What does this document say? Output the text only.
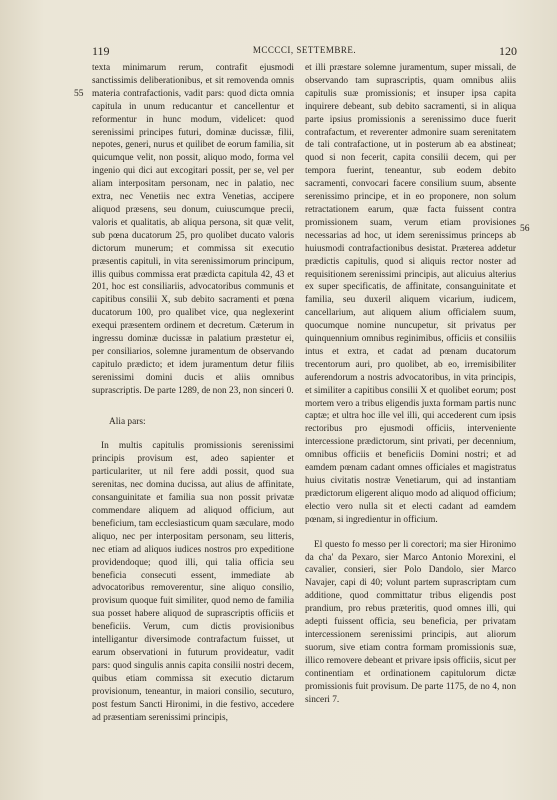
119	MCCCCI, SETTEMBRE.	120
55
56

texta minimarum rerum, contrafit ejusmodi sanctissimis deliberationibus, et sit removenda omnis materia contrafactionis, vadit pars: quod dicta omnia capitula in unum reducantur et cancellentur et reformentur in hunc modum, videlicet: quod serenissimi principes futuri, dominæ ducissæ, filii, nepotes, generi, nurus et quilibet de eorum familia, sit quicumque velit, non possit, aliquo modo, forma vel ingenio qui dici aut excogitari possit, per se, vel per aliam interpositam personam, nec in palatio, nec extra, nec Venetiis nec extra Venetias, accipere aliquod præsens, seu donum, cuiuscumque precii, valoris et qualitatis, ab aliqua persona, sit quæ velit, sub pœna ducatorum 25, pro quolibet ducato valoris dictorum munerum; et commissa sit executio præsentis capituli, in vita serenissimorum principum, illis quibus commissa erat prædicta capitula 42, 43 et 201, hoc est consiliariis, advocatoribus communis et capitibus consilii X, sub debito sacramenti et pœna ducatorum 100, pro qualibet vice, qua neglexerint exequi præsentem ordinem et decretum. Cæterum in ingressu dominæ ducissæ in palatium præstetur ei, per consiliarios, solemne juramentum de observando capitulo prædicto; et idem juramentum detur filiis serenissimi domini ducis et aliis omnibus suprascriptis. De parte 1289, de non 23, non sinceri 0.

Alia pars:

In multis capitulis promissionis serenissimi principis provisum est, adeo sapienter et particulariter, ut nil fere addi possit, quod sua serenitas, nec domina ducissa, aut alius de affinitate, consanguinitate et familia sua non possit privatæ commendare aliquem ad aliquod officium, aut beneficium, tam ecclesiasticum quam sæculare, modo aliquo, nec per interpositam personam, seu litteris, nec etiam ad aliquos iudices nostros pro expeditione providendoque; quod illi, qui talia officia seu beneficia consecuti essent, immediate ab advocatoribus removerentur, sine aliquo consilio, provisum quoque fuit similiter, quod nemo de familia sua posset habere aliquod de suprascriptis officiis et beneficiis. Verum, cum dictis provisionibus intelligantur diversimode contrafactum fuisset, ut earum observationi in futurum provideatur, vadit pars: quod singulis annis capita consilii nostri decem, quibus etiam commissa sit executio dictarum provisionum, teneantur, in maiori consilio, secuturo, post festum Sancti Hironimi, in die festivo, accedere ad præsentiam serenissimi principis,

et illi præstare solemne juramentum, super missali, de observando tam suprascriptis, quam omnibus aliis capitulis suæ promissionis; et insuper ipsa capita inquirere debeant, sub debito sacramenti, si in aliqua parte ipsius promissionis a serenissimo duce fuerit contrafactum, et reverenter admonire suam serenitatem de tali contrafactione, ut in posterum ab ea abstineat; quod si non fecerit, capita consilii decem, qui per tempora fuerint, teneantur, sub eodem debito sacramenti, convocari facere consilium suum, absente serenissimo principe, et in eo proponere, non solum retractationem earum, quæ facta fuissent contra promissionem suam, verum etiam provisiones necessarias ad hoc, ut idem serenissimus princeps ab huiusmodi contrafactionibus desistat. Præterea addetur prædictis capitulis, quod si aliquis rector noster ad requisitionem serenissimi principis, aut alicuius alterius ex super specificatis, de affinitate, consanguinitate et familia, seu duxeril aliquem vicarium, iudicem, cancellarium, aut aliquem alium officialem suum, quocumque nomine nuncupetur, sit privatus per quinquennium omnibus reginimibus, officiis et consiliis intus et extra, et cadat ad pœnam ducatorum trecentorum auri, pro quolibet, ab eo, irremisibiliter auferendorum a nostris advocatoribus, in vita principis, et similiter a capitibus consilii X et quolibet eorum; post mortem vero a tribus eligendis juxta formam partis nunc captæ; et ultra hoc ille vel illi, qui accederent cum ipsis rectoribus pro ejusmodi officiis, interveniente intercessione prædictorum, sint privati, per decennium, omnibus officiis et beneficiis Domini nostri; et ad eamdem pœnam cadant omnes officiales et magistratus huius civitatis nostræ Venetiarum, qui ad instantiam prædictorum eligerent aliquo modo ad aliquod officium; electio vero nulla sit et electi cadant ad eamdem pœnam, si ingredientur in officium.

El questo fo messo per li corectori; ma sier Hironimo da cha' da Pexaro, sier Marco Antonio Morexini, el cavalier, consieri, sier Polo Dandolo, sier Marco Navajer, capi di 40; volunt partem suprascriptam cum additione, quod committatur tribus eligendis post prandium, pro rebus præteritis, quod omnes illi, qui adepti fuissent officia, seu beneficia, per privatam intercessionem serenissimi principis, aut aliorum suorum, sive etiam contra formam promissionis suæ, illico removere debeant et privare ipsis officiis, sicut per continentiam et ordinationem capitulorum dictæ promissionis fuit provisum. De parte 1175, de no 4, non sinceri 7.
